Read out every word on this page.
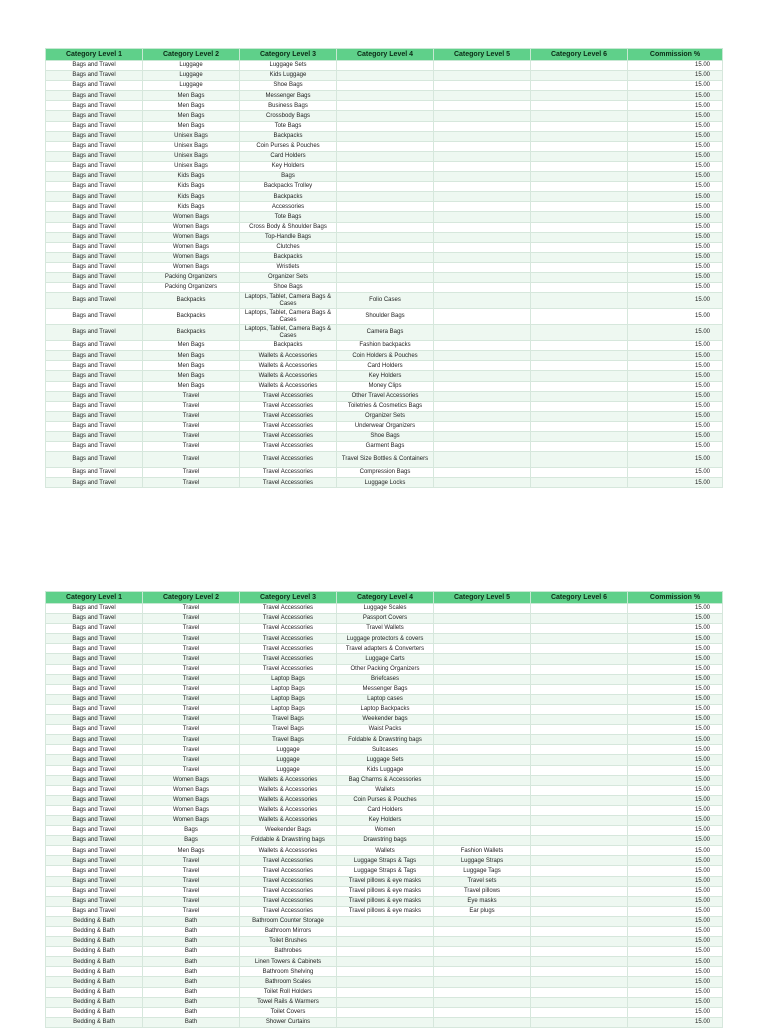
Category Level 1	Category Level 2	Category Level 3	Category Level 4	Category Level 5	Category Level 6	Commission %
Bags and Travel	Luggage	Luggage Sets				15.00
Bags and Travel	Luggage	Kids Luggage				15.00
Bags and Travel	Luggage	Shoe Bags				15.00
Bags and Travel	Men Bags	Messenger Bags				15.00
Bags and Travel	Men Bags	Business Bags				15.00
Bags and Travel	Men Bags	Crossbody Bags				15.00
Bags and Travel	Men Bags	Tote Bags				15.00
Bags and Travel	Unisex Bags	Backpacks				15.00
Bags and Travel	Unisex Bags	Coin Purses & Pouches				15.00
Bags and Travel	Unisex Bags	Card Holders				15.00
Bags and Travel	Unisex Bags	Key Holders				15.00
Bags and Travel	Kids Bags	Bags				15.00
Bags and Travel	Kids Bags	Backpacks Trolley				15.00
Bags and Travel	Kids Bags	Backpacks				15.00
Bags and Travel	Kids Bags	Accessories				15.00
Bags and Travel	Women Bags	Tote Bags				15.00
Bags and Travel	Women Bags	Cross Body & Shoulder Bags				15.00
Bags and Travel	Women Bags	Top-Handle Bags				15.00
Bags and Travel	Women Bags	Clutches				15.00
Bags and Travel	Women Bags	Backpacks				15.00
Bags and Travel	Women Bags	Wristlets				15.00
Bags and Travel	Packing Organizers	Organizer Sets				15.00
Bags and Travel	Packing Organizers	Shoe Bags				15.00
Bags and Travel	Backpacks	Laptops, Tablet, Camera Bags & Cases	Folio Cases			15.00
Bags and Travel	Backpacks	Laptops, Tablet, Camera Bags & Cases	Shoulder Bags			15.00
Bags and Travel	Backpacks	Laptops, Tablet, Camera Bags & Cases	Camera Bags			15.00
Bags and Travel	Men Bags	Backpacks	Fashion backpacks			15.00
Bags and Travel	Men Bags	Wallets & Accessories	Coin Holders & Pouches			15.00
Bags and Travel	Men Bags	Wallets & Accessories	Card Holders			15.00
Bags and Travel	Men Bags	Wallets & Accessories	Key Holders			15.00
Bags and Travel	Men Bags	Wallets & Accessories	Money Clips			15.00
Bags and Travel	Travel	Travel Accessories	Other Travel Accessories			15.00
Bags and Travel	Travel	Travel Accessories	Toiletries & Cosmetics Bags			15.00
Bags and Travel	Travel	Travel Accessories	Organizer Sets			15.00
Bags and Travel	Travel	Travel Accessories	Underwear Organizers			15.00
Bags and Travel	Travel	Travel Accessories	Shoe Bags			15.00
Bags and Travel	Travel	Travel Accessories	Garment Bags			15.00
Bags and Travel	Travel	Travel Accessories	Travel Size Bottles & Containers			15.00
Bags and Travel	Travel	Travel Accessories	Compression Bags			15.00
Bags and Travel	Travel	Travel Accessories	Luggage Locks			15.00
Category Level 1	Category Level 2	Category Level 3	Category Level 4	Category Level 5	Category Level 6	Commission %
Bags and Travel	Travel	Travel Accessories	Luggage Scales			15.00
Bags and Travel	Travel	Travel Accessories	Passport Covers			15.00
Bags and Travel	Travel	Travel Accessories	Travel Wallets			15.00
Bags and Travel	Travel	Travel Accessories	Luggage protectors & covers			15.00
Bags and Travel	Travel	Travel Accessories	Travel adapters & Converters			15.00
Bags and Travel	Travel	Travel Accessories	Luggage Carts			15.00
Bags and Travel	Travel	Travel Accessories	Other Packing Organizers			15.00
Bags and Travel	Travel	Laptop Bags	Briefcases			15.00
Bags and Travel	Travel	Laptop Bags	Messenger Bags			15.00
Bags and Travel	Travel	Laptop Bags	Laptop cases			15.00
Bags and Travel	Travel	Laptop Bags	Laptop Backpacks			15.00
Bags and Travel	Travel	Travel Bags	Weekender bags			15.00
Bags and Travel	Travel	Travel Bags	Waist Packs			15.00
Bags and Travel	Travel	Travel Bags	Foldable & Drawstring bags			15.00
Bags and Travel	Travel	Luggage	Suitcases			15.00
Bags and Travel	Travel	Luggage	Luggage Sets			15.00
Bags and Travel	Travel	Luggage	Kids Luggage			15.00
Bags and Travel	Women Bags	Wallets & Accessories	Bag Charms & Accessories			15.00
Bags and Travel	Women Bags	Wallets & Accessories	Wallets			15.00
Bags and Travel	Women Bags	Wallets & Accessories	Coin Purses & Pouches			15.00
Bags and Travel	Women Bags	Wallets & Accessories	Card Holders			15.00
Bags and Travel	Women Bags	Wallets & Accessories	Key Holders			15.00
Bags and Travel	Bags	Weekender Bags	Women			15.00
Bags and Travel	Bags	Foldable & Drawstring bags	Drawstring bags			15.00
Bags and Travel	Men Bags	Wallets & Accessories	Wallets	Fashion Wallets		15.00
Bags and Travel	Travel	Travel Accessories	Luggage Straps & Tags	Luggage Straps		15.00
Bags and Travel	Travel	Travel Accessories	Luggage Straps & Tags	Luggage Tags		15.00
Bags and Travel	Travel	Travel Accessories	Travel pillows & eye masks	Travel sets		15.00
Bags and Travel	Travel	Travel Accessories	Travel pillows & eye masks	Travel pillows		15.00
Bags and Travel	Travel	Travel Accessories	Travel pillows & eye masks	Eye masks		15.00
Bags and Travel	Travel	Travel Accessories	Travel pillows & eye masks	Ear plugs		15.00
Bedding & Bath	Bath	Bathroom Counter Storage				15.00
Bedding & Bath	Bath	Bathroom Mirrors				15.00
Bedding & Bath	Bath	Toilet Brushes				15.00
Bedding & Bath	Bath	Bathrobes				15.00
Bedding & Bath	Bath	Linen Towers & Cabinets				15.00
Bedding & Bath	Bath	Bathroom Shelving				15.00
Bedding & Bath	Bath	Bathroom Scales				15.00
Bedding & Bath	Bath	Toilet Roll Holders				15.00
Bedding & Bath	Bath	Towel Rails & Warmers				15.00
Bedding & Bath	Bath	Toilet Covers				15.00
Bedding & Bath	Bath	Shower Curtains				15.00
